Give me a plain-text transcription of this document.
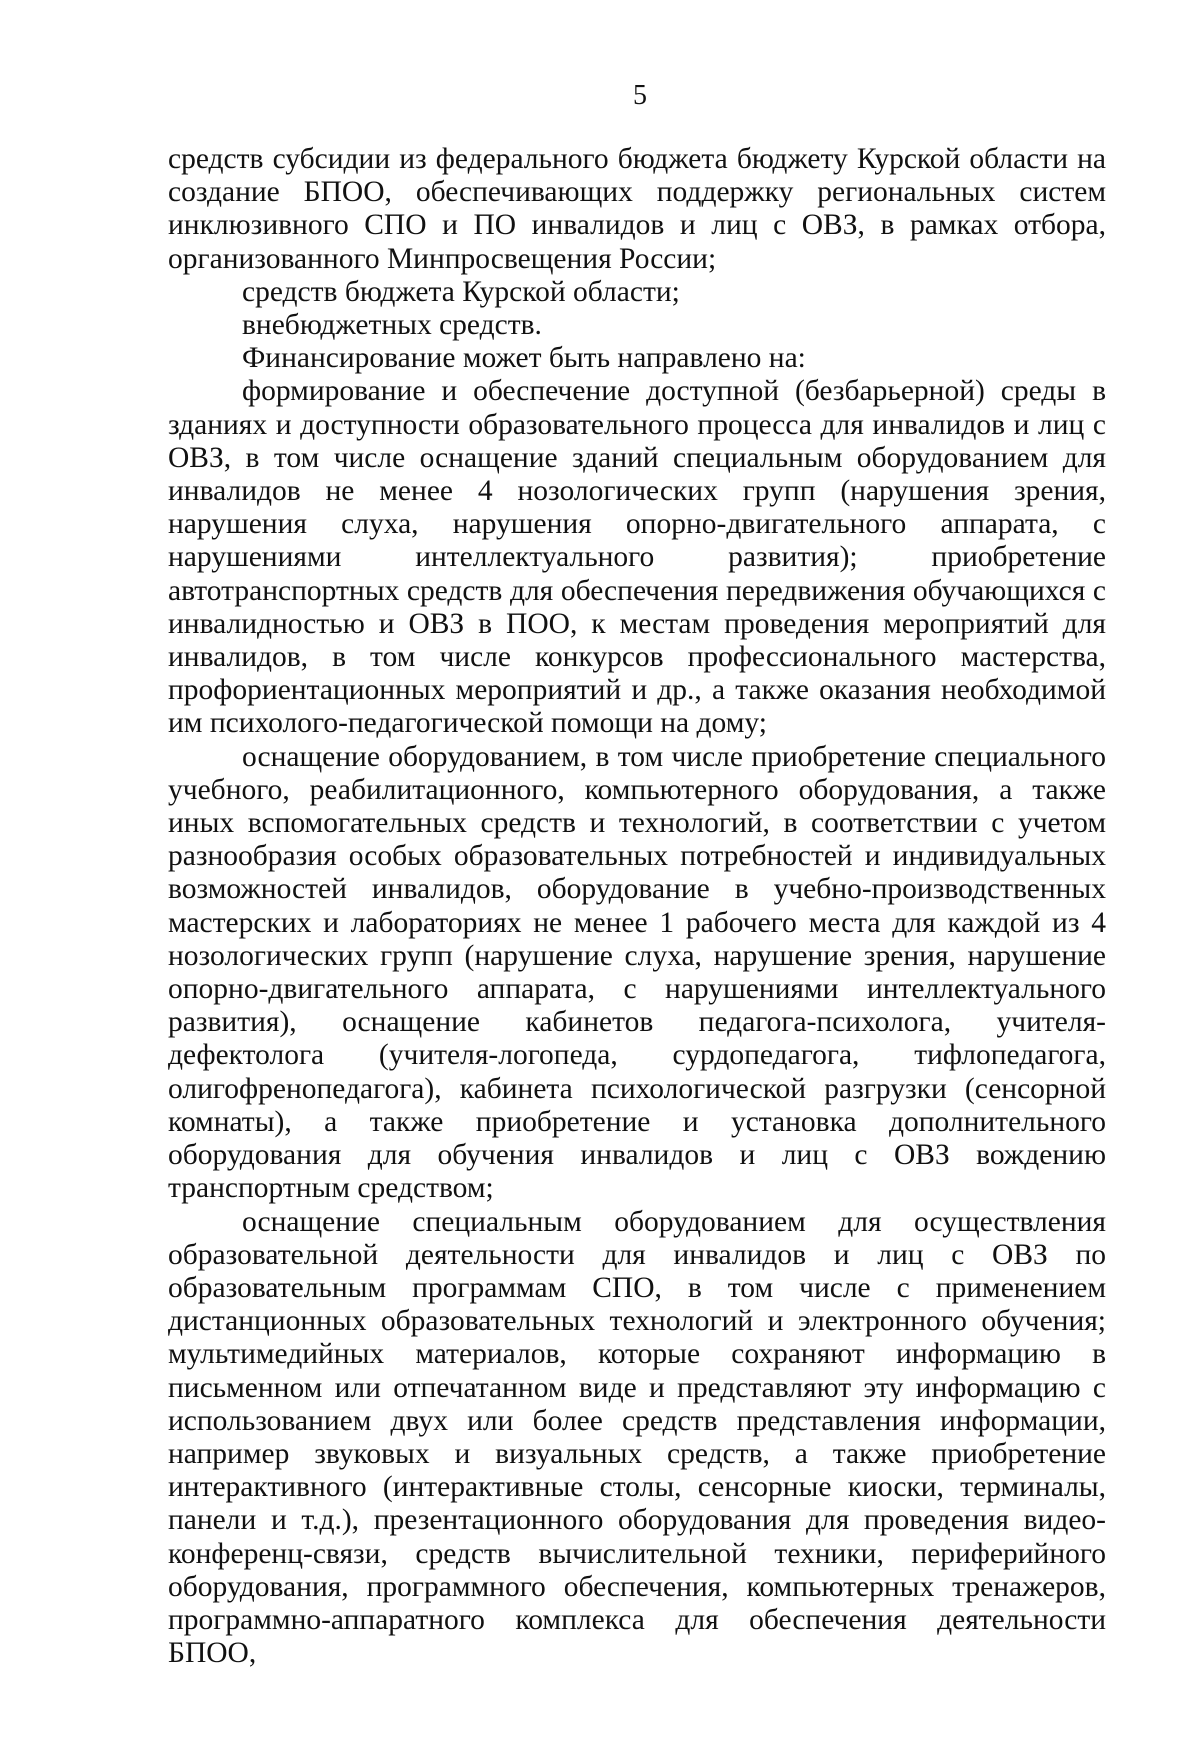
5

средств субсидии из федерального бюджета бюджету Курской области на создание БПОО, обеспечивающих поддержку региональных систем инклюзивного СПО и ПО инвалидов и лиц с ОВЗ, в рамках отбора, организованного Минпросвещения России;

средств бюджета Курской области;

внебюджетных средств.

Финансирование может быть направлено на:

формирование и обеспечение доступной (безбарьерной) среды в зданиях и доступности образовательного процесса для инвалидов и лиц с ОВЗ, в том числе оснащение зданий специальным оборудованием для инвалидов не менее 4 нозологических групп (нарушения зрения, нарушения слуха, нарушения опорно-двигательного аппарата, с нарушениями интеллектуального развития); приобретение автотранспортных средств для обеспечения передвижения обучающихся с инвалидностью и ОВЗ в ПОО, к местам проведения мероприятий для инвалидов, в том числе конкурсов профессионального мастерства, профориентационных мероприятий и др., а также оказания необходимой им психолого-педагогической помощи на дому;

оснащение оборудованием, в том числе приобретение специального учебного, реабилитационного, компьютерного оборудования, а также иных вспомогательных средств и технологий, в соответствии с учетом разнообразия особых образовательных потребностей и индивидуальных возможностей инвалидов, оборудование в учебно-производственных мастерских и лабораториях не менее 1 рабочего места для каждой из 4 нозологических групп (нарушение слуха, нарушение зрения, нарушение опорно-двигательного аппарата, с нарушениями интеллектуального развития), оснащение кабинетов педагога-психолога, учителя-дефектолога (учителя-логопеда, сурдопедагога, тифлопедагога, олигофренопедагога), кабинета психологической разгрузки (сенсорной комнаты), а также приобретение и установка дополнительного оборудования для обучения инвалидов и лиц с ОВЗ вождению транспортным средством;

оснащение специальным оборудованием для осуществления образовательной деятельности для инвалидов и лиц с ОВЗ по образовательным программам СПО, в том числе с применением дистанционных образовательных технологий и электронного обучения; мультимедийных материалов, которые сохраняют информацию в письменном или отпечатанном виде и представляют эту информацию с использованием двух или более средств представления информации, например звуковых и визуальных средств, а также приобретение интерактивного (интерактивные столы, сенсорные киоски, терминалы, панели и т.д.), презентационного оборудования для проведения видео-конференц-связи, средств вычислительной техники, периферийного оборудования, программного обеспечения, компьютерных тренажеров, программно-аппаратного комплекса для обеспечения деятельности БПОО,
